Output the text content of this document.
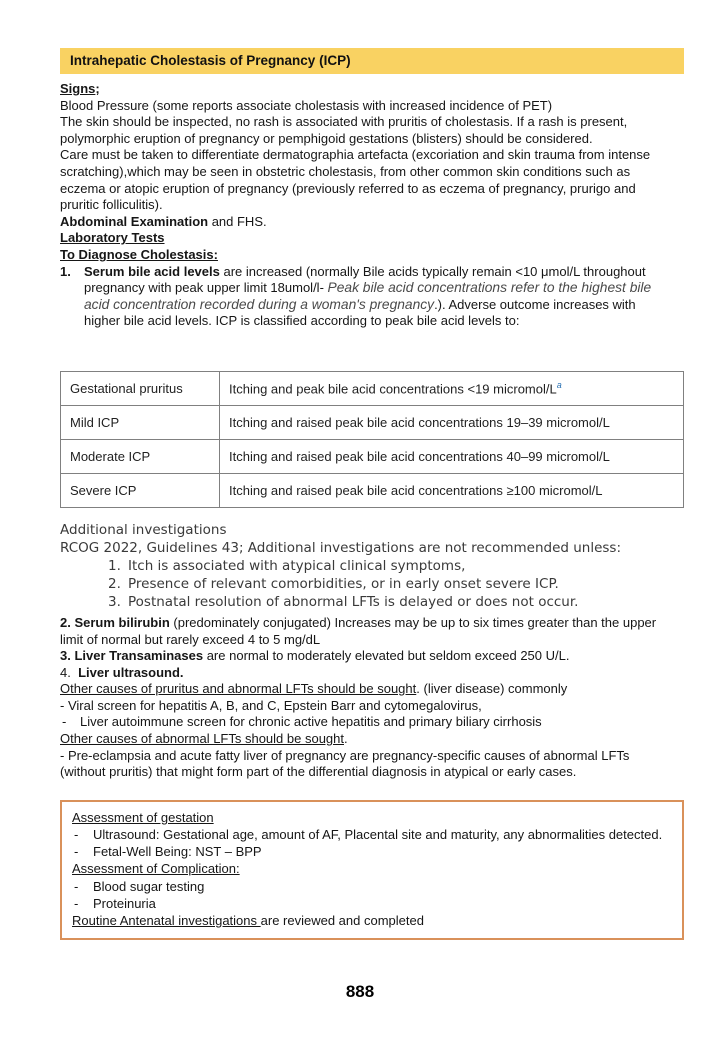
Intrahepatic Cholestasis of Pregnancy (ICP)
Signs;
Blood Pressure (some reports associate cholestasis with increased incidence of PET)
The skin should be inspected, no rash is associated with pruritis of cholestasis. If a rash is present, polymorphic eruption of pregnancy or pemphigoid gestations (blisters) should be considered.
Care must be taken to differentiate dermatographia artefacta (excoriation and skin trauma from intense scratching),which may be seen in obstetric cholestasis, from other common skin conditions such as eczema or atopic eruption of pregnancy (previously referred to as eczema of pregnancy, prurigo and pruritic folliculitis).
Abdominal Examination and FHS.
Laboratory Tests
To Diagnose Cholestasis:
1. Serum bile acid levels are increased (normally Bile acids typically remain <10 μmol/L throughout pregnancy with peak upper limit 18umol/l- Peak bile acid concentrations refer to the highest bile acid concentration recorded during a woman's pregnancy.). Adverse outcome increases with higher bile acid levels. ICP is classified according to peak bile acid levels to:
Gestational pruritus	Itching and peak bile acid concentrations <19 micromol/L$^a$
Mild ICP	Itching and raised peak bile acid concentrations 19–39 micromol/L
Moderate ICP	Itching and raised peak bile acid concentrations 40–99 micromol/L
Severe ICP	Itching and raised peak bile acid concentrations ≥100 micromol/L
Additional investigations
RCOG 2022, Guidelines 43; Additional investigations are not recommended unless:
1. Itch is associated with atypical clinical symptoms,
2. Presence of relevant comorbidities, or in early onset severe ICP.
3. Postnatal resolution of abnormal LFTs is delayed or does not occur.
2. Serum bilirubin (predominately conjugated) Increases may be up to six times greater than the upper limit of normal but rarely exceed 4 to 5 mg/dL
3. Liver Transaminases are normal to moderately elevated but seldom exceed 250 U/L.
4. Liver ultrasound.
Other causes of pruritus and abnormal LFTs should be sought. (liver disease) commonly
- Viral screen for hepatitis A, B, and C, Epstein Barr and cytomegalovirus,
- Liver autoimmune screen for chronic active hepatitis and primary biliary cirrhosis
Other causes of abnormal LFTs should be sought.
- Pre-eclampsia and acute fatty liver of pregnancy are pregnancy-specific causes of abnormal LFTs (without pruritis) that might form part of the differential diagnosis in atypical or early cases.
Assessment of gestation
- Ultrasound: Gestational age, amount of AF, Placental site and maturity, any abnormalities detected.
- Fetal-Well Being: NST – BPP
Assessment of Complication:
- Blood sugar testing
- Proteinuria
Routine Antenatal investigations are reviewed and completed
888
